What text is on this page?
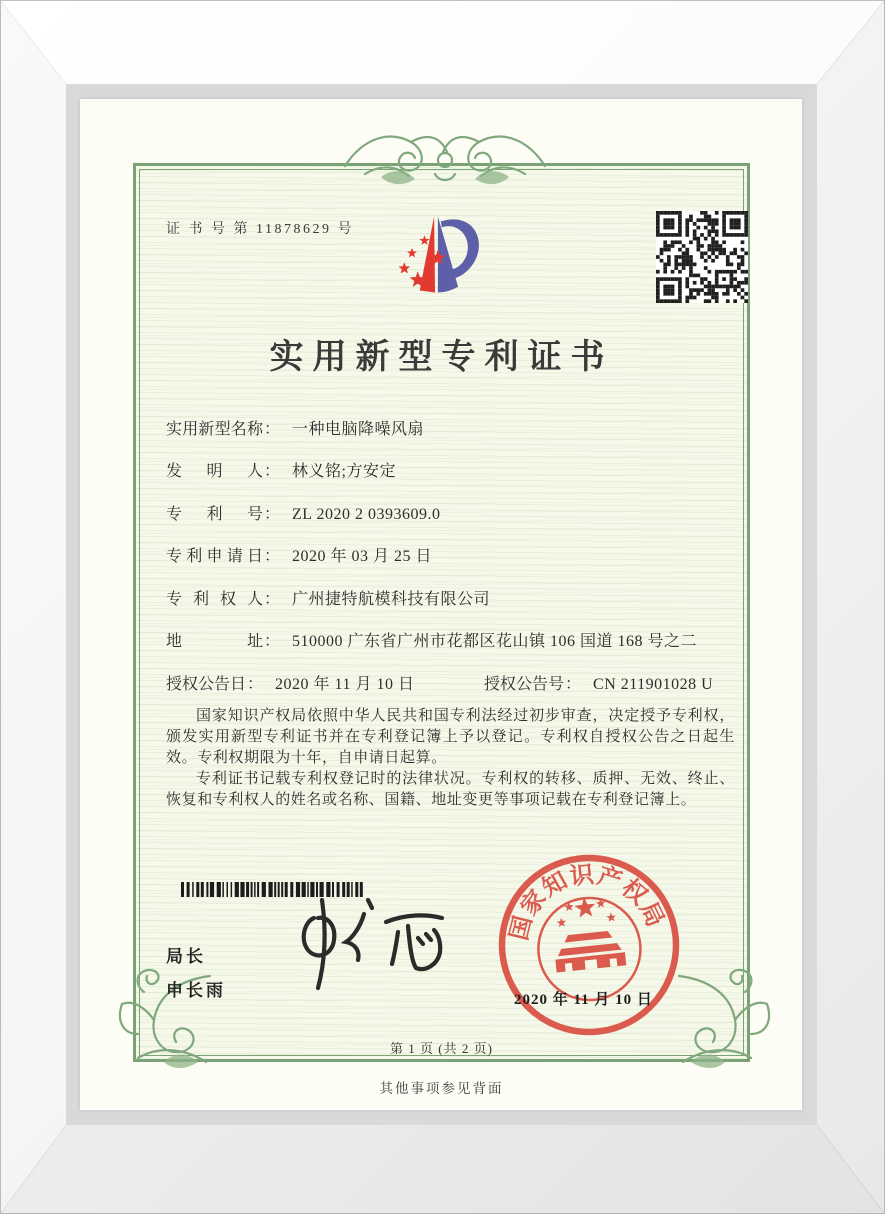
证 书 号 第 11878629 号
实用新型专利证书
实用新型名称： 一种电脑降噪风扇
发明人： 林义铭;方安定
专利号： ZL 2020 2 0393609.0
专利申请日： 2020 年 03 月 25 日
专利权人： 广州捷特航模科技有限公司
地址： 510000 广东省广州市花都区花山镇 106 国道 168 号之二
授权公告日： 2020 年 11 月 10 日	授权公告号： CN 211901028 U

国家知识产权局依照中华人民共和国专利法经过初步审查，决定授予专利权，颁发实用新型专利证书并在专利登记簿上予以登记。专利权自授权公告之日起生效。专利权期限为十年，自申请日起算。

专利证书记载专利权登记时的法律状况。专利权的转移、质押、无效、终止、恢复和专利权人的姓名或名称、国籍、地址变更等事项记载在专利登记簿上。

局长
申长雨
国
家
知
识 产
权
局
2020 年 11 月 10 日
第 1 页 (共 2 页)
其他事项参见背面
